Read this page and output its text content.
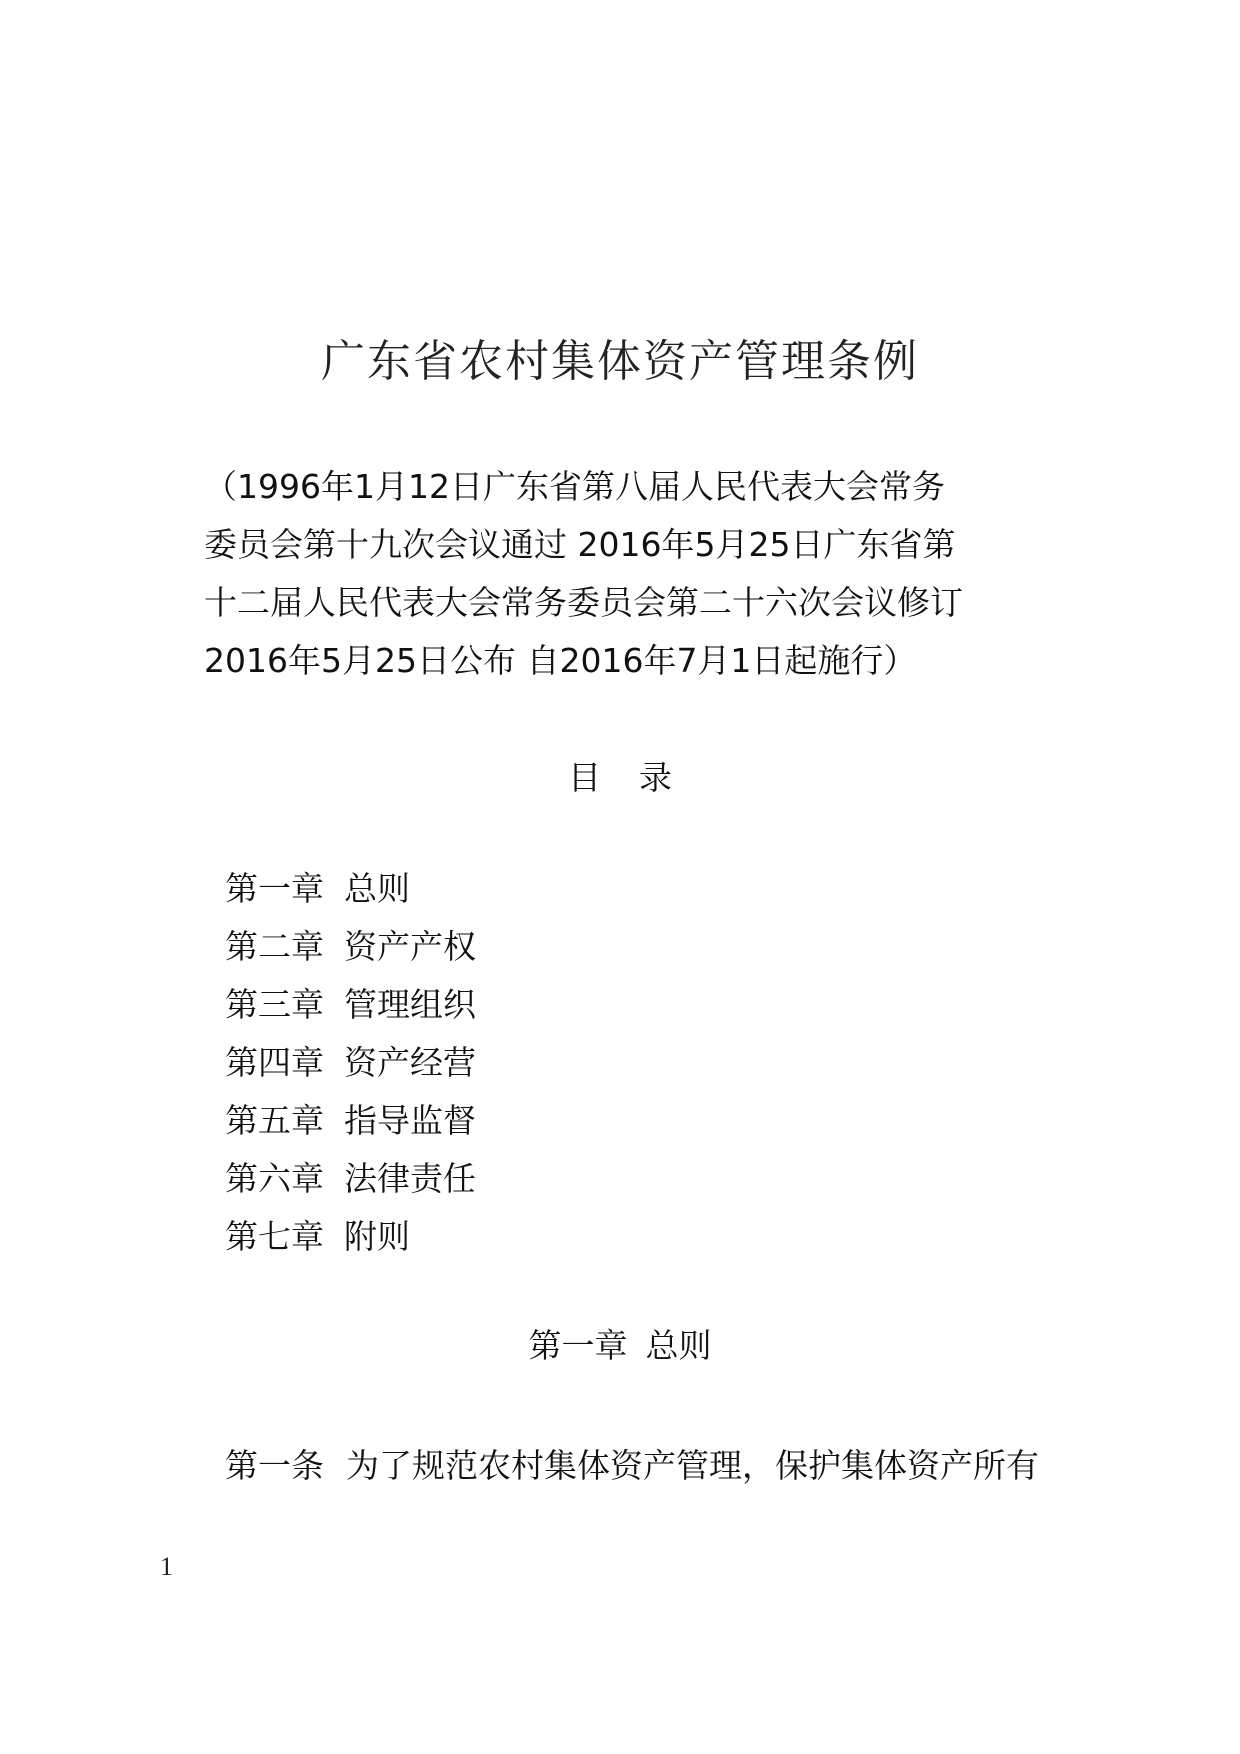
广东省农村集体资产管理条例
（1996年1月12日广东省第八届人民代表大会常务
委员会第十九次会议通过 2016年5月25日广东省第
十二届人民代表大会常务委员会第二十六次会议修订
2016年5月25日公布 自2016年7月1日起施行）
目 录
第一章 总则
第二章 资产产权
第三章 管理组织
第四章 资产经营
第五章 指导监督
第六章 法律责任
第七章 附则
第一章 总则
第一条 为了规范农村集体资产管理，保护集体资产所有
1
